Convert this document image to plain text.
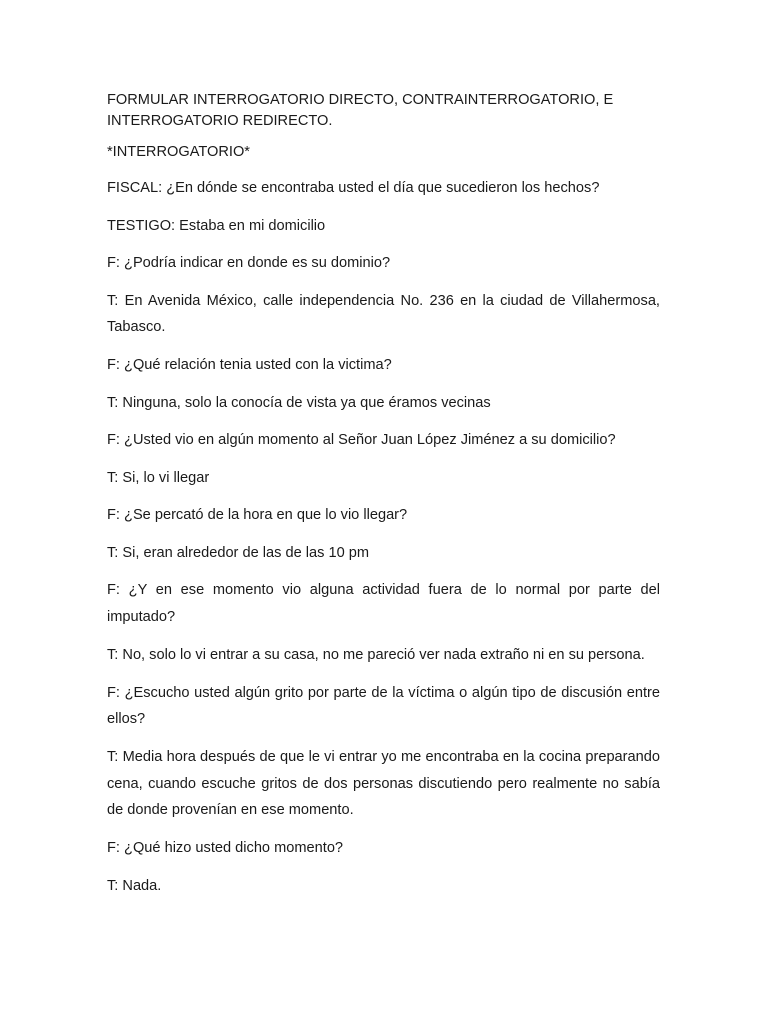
FORMULAR INTERROGATORIO DIRECTO, CONTRAINTERROGATORIO, E INTERROGATORIO REDIRECTO.

*INTERROGATORIO*

FISCAL: ¿En dónde se encontraba usted el día que sucedieron los hechos?

TESTIGO: Estaba en mi domicilio

F: ¿Podría indicar en donde es su dominio?

T: En Avenida México, calle independencia No. 236 en la ciudad de Villahermosa, Tabasco.

F: ¿Qué relación tenia usted con la victima?

T: Ninguna, solo la conocía de vista ya que éramos vecinas

F: ¿Usted vio en algún momento al Señor Juan López Jiménez a su domicilio?

T: Si, lo vi llegar

F: ¿Se percató de la hora en que lo vio llegar?

T: Si, eran alrededor de las de las 10 pm

F: ¿Y en ese momento vio alguna actividad fuera de lo normal por parte del imputado?

T: No, solo lo vi entrar a su casa, no me pareció ver nada extraño ni en su persona.

F: ¿Escucho usted algún grito por parte de la víctima o algún tipo de discusión entre ellos?

T: Media hora después de que le vi entrar yo me encontraba en la cocina preparando cena, cuando escuche gritos de dos personas discutiendo pero realmente no sabía de donde provenían en ese momento.

F: ¿Qué hizo usted dicho momento?

T: Nada.
